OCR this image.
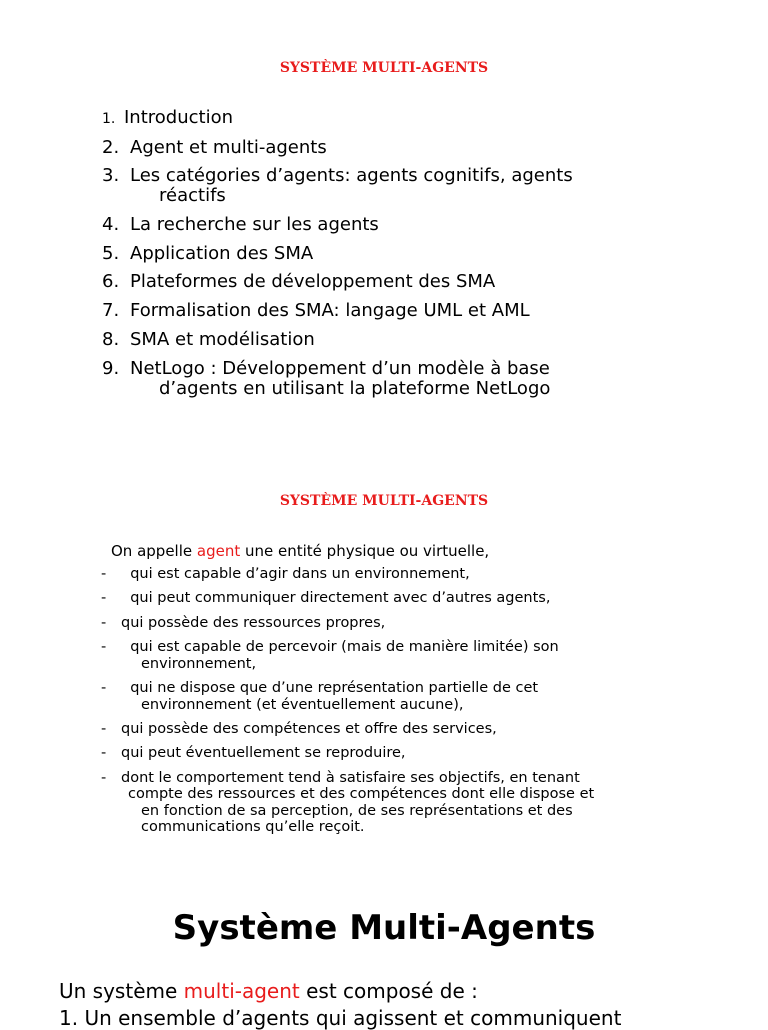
SYSTÈME MULTI-AGENTS
1. Introduction
2. Agent et multi-agents
3. Les catégories d’agents: agents cognitifs, agents
réactifs
4. La recherche sur les agents
5. Application des SMA
6. Plateformes de développement des SMA
7. Formalisation des SMA: langage UML et AML
8. SMA et modélisation
9. NetLogo : Développement d’un modèle à base
d’agents en utilisant la plateforme NetLogo
SYSTÈME MULTI-AGENTS

On appelle agent une entité physique ou virtuelle,

-  qui est capable d’agir dans un environnement,
-  qui peut communiquer directement avec d’autres agents,
- qui possède des ressources propres,
-  qui est capable de percevoir (mais de manière limitée) son
environnement,
-  qui ne dispose que d’une représentation partielle de cet
environnement (et éventuellement aucune),
- qui possède des compétences et offre des services,
- qui peut éventuellement se reproduire,
- dont le comportement tend à satisfaire ses objectifs, en tenant
compte des ressources et des compétences dont elle dispose et
en fonction de sa perception, de ses représentations et des
communications qu’elle reçoit.
Système Multi-Agents

Un système multi-agent est composé de :

1. Un ensemble d’agents qui agissent et communiquent
